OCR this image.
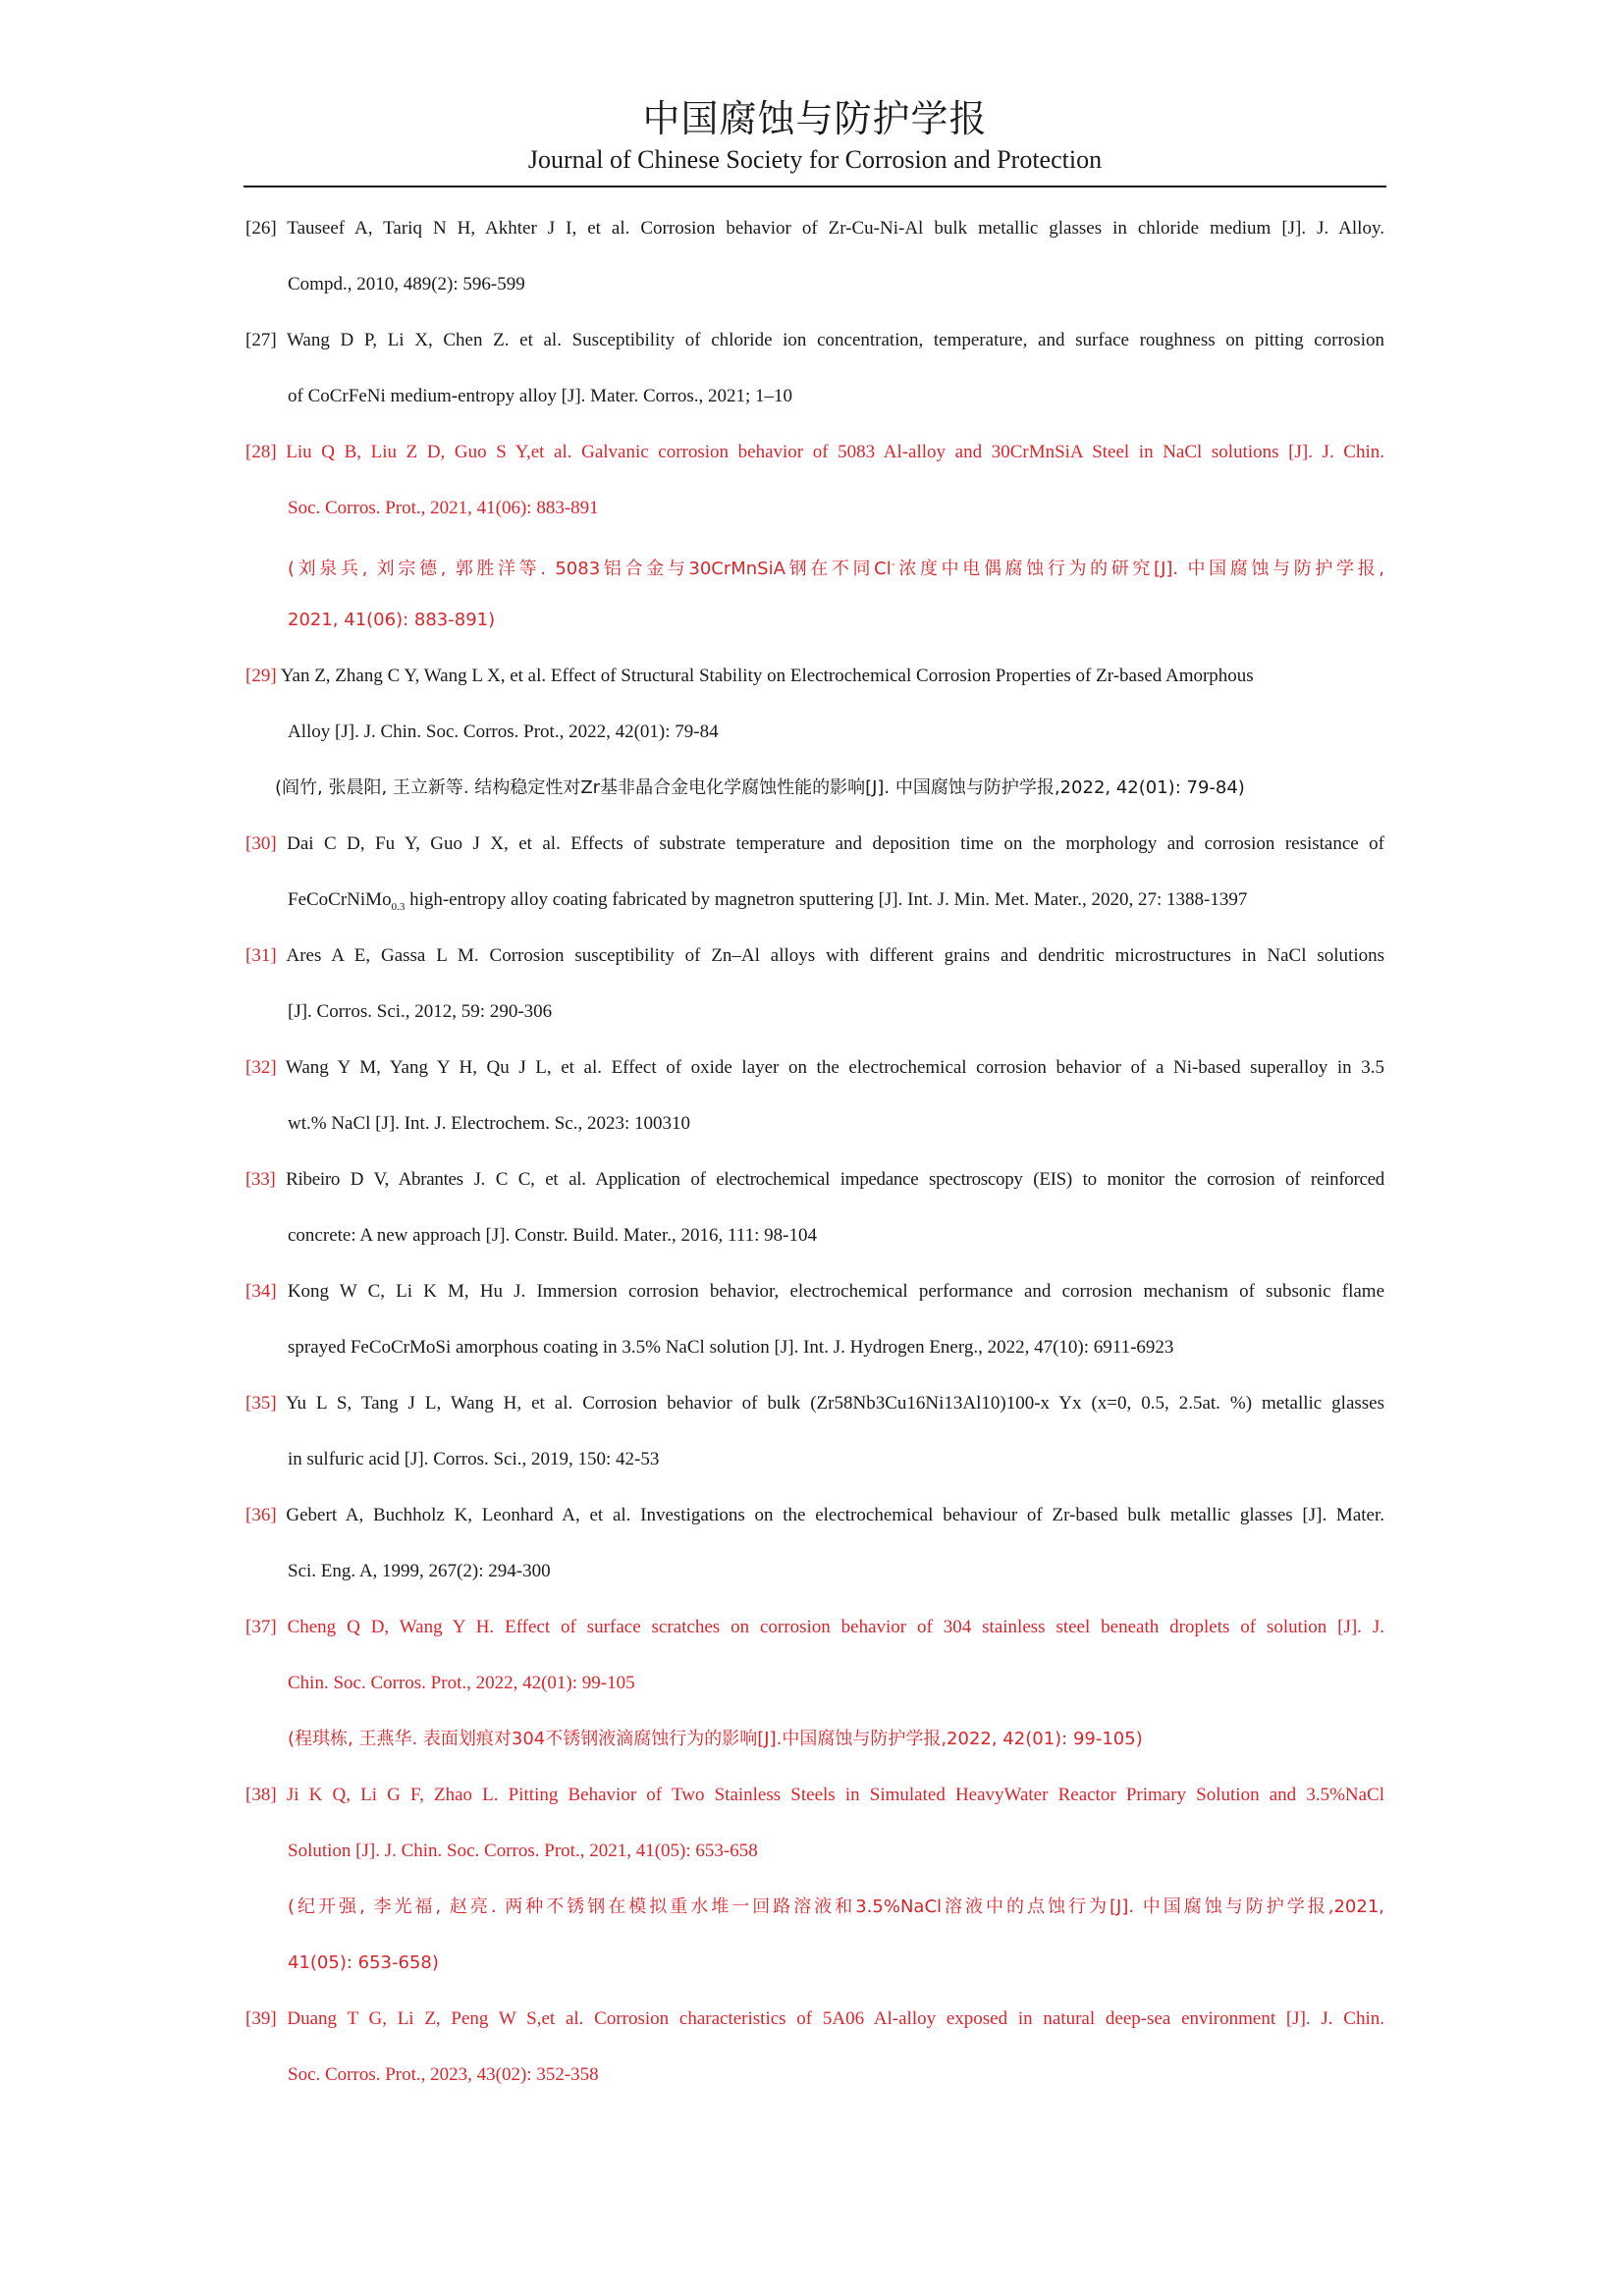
中国腐蚀与防护学报
Journal of Chinese Society for Corrosion and Protection
[26] Tauseef A, Tariq N H, Akhter J I, et al. Corrosion behavior of Zr-Cu-Ni-Al bulk metallic glasses in chloride medium [J]. J. Alloy.
Compd., 2010, 489(2): 596-599
[27] Wang D P, Li X, Chen Z. et al. Susceptibility of chloride ion concentration, temperature, and surface roughness on pitting corrosion
of CoCrFeNi medium-entropy alloy [J]. Mater. Corros., 2021; 1–10
[28] Liu Q B, Liu Z D, Guo S Y,et al. Galvanic corrosion behavior of 5083 Al-alloy and 30CrMnSiA Steel in NaCl solutions [J]. J. Chin.
Soc. Corros. Prot., 2021, 41(06): 883-891
(刘泉兵, 刘宗德, 郭胜洋等. 5083铝合金与30CrMnSiA钢在不同Cl-浓度中电偶腐蚀行为的研究[J]. 中国腐蚀与防护学报,
2021, 41(06): 883-891)
[29] Yan Z, Zhang C Y, Wang L X, et al. Effect of Structural Stability on Electrochemical Corrosion Properties of Zr-based Amorphous
Alloy [J]. J. Chin. Soc. Corros. Prot., 2022, 42(01): 79-84
(阎竹, 张晨阳, 王立新等. 结构稳定性对Zr基非晶合金电化学腐蚀性能的影响[J]. 中国腐蚀与防护学报,2022, 42(01): 79-84)
[30] Dai C D, Fu Y, Guo J X, et al. Effects of substrate temperature and deposition time on the morphology and corrosion resistance of
FeCoCrNiMo$_{0.3}$ high-entropy alloy coating fabricated by magnetron sputtering [J]. Int. J. Min. Met. Mater., 2020, 27: 1388-1397
[31] Ares A E, Gassa L M. Corrosion susceptibility of Zn–Al alloys with different grains and dendritic microstructures in NaCl solutions
[J]. Corros. Sci., 2012, 59: 290-306
[32] Wang Y M, Yang Y H, Qu J L, et al. Effect of oxide layer on the electrochemical corrosion behavior of a Ni-based superalloy in 3.5
wt.% NaCl [J]. Int. J. Electrochem. Sc., 2023: 100310
[33] Ribeiro D V, Abrantes J. C C, et al. Application of electrochemical impedance spectroscopy (EIS) to monitor the corrosion of reinforced
concrete: A new approach [J]. Constr. Build. Mater., 2016, 111: 98-104
[34] Kong W C, Li K M, Hu J. Immersion corrosion behavior, electrochemical performance and corrosion mechanism of subsonic flame
sprayed FeCoCrMoSi amorphous coating in 3.5% NaCl solution [J]. Int. J. Hydrogen Energ., 2022, 47(10): 6911-6923
[35] Yu L S, Tang J L, Wang H, et al. Corrosion behavior of bulk (Zr58Nb3Cu16Ni13Al10)100-x Yx (x=0, 0.5, 2.5at. %) metallic glasses
in sulfuric acid [J]. Corros. Sci., 2019, 150: 42-53
[36] Gebert A, Buchholz K, Leonhard A, et al. Investigations on the electrochemical behaviour of Zr-based bulk metallic glasses [J]. Mater.
Sci. Eng. A, 1999, 267(2): 294-300
[37] Cheng Q D, Wang Y H. Effect of surface scratches on corrosion behavior of 304 stainless steel beneath droplets of solution [J]. J.
Chin. Soc. Corros. Prot., 2022, 42(01): 99-105
(程琪栋, 王燕华. 表面划痕对304不锈钢液滴腐蚀行为的影响[J].中国腐蚀与防护学报,2022, 42(01): 99-105)
[38] Ji K Q, Li G F, Zhao L. Pitting Behavior of Two Stainless Steels in Simulated HeavyWater Reactor Primary Solution and 3.5%NaCl
Solution [J]. J. Chin. Soc. Corros. Prot., 2021, 41(05): 653-658
(纪开强, 李光福, 赵亮. 两种不锈钢在模拟重水堆一回路溶液和3.5%NaCl溶液中的点蚀行为[J]. 中国腐蚀与防护学报,2021,
41(05): 653-658)
[39] Duang T G, Li Z, Peng W S,et al. Corrosion characteristics of 5A06 Al-alloy exposed in natural deep-sea environment [J]. J. Chin.
Soc. Corros. Prot., 2023, 43(02): 352-358
